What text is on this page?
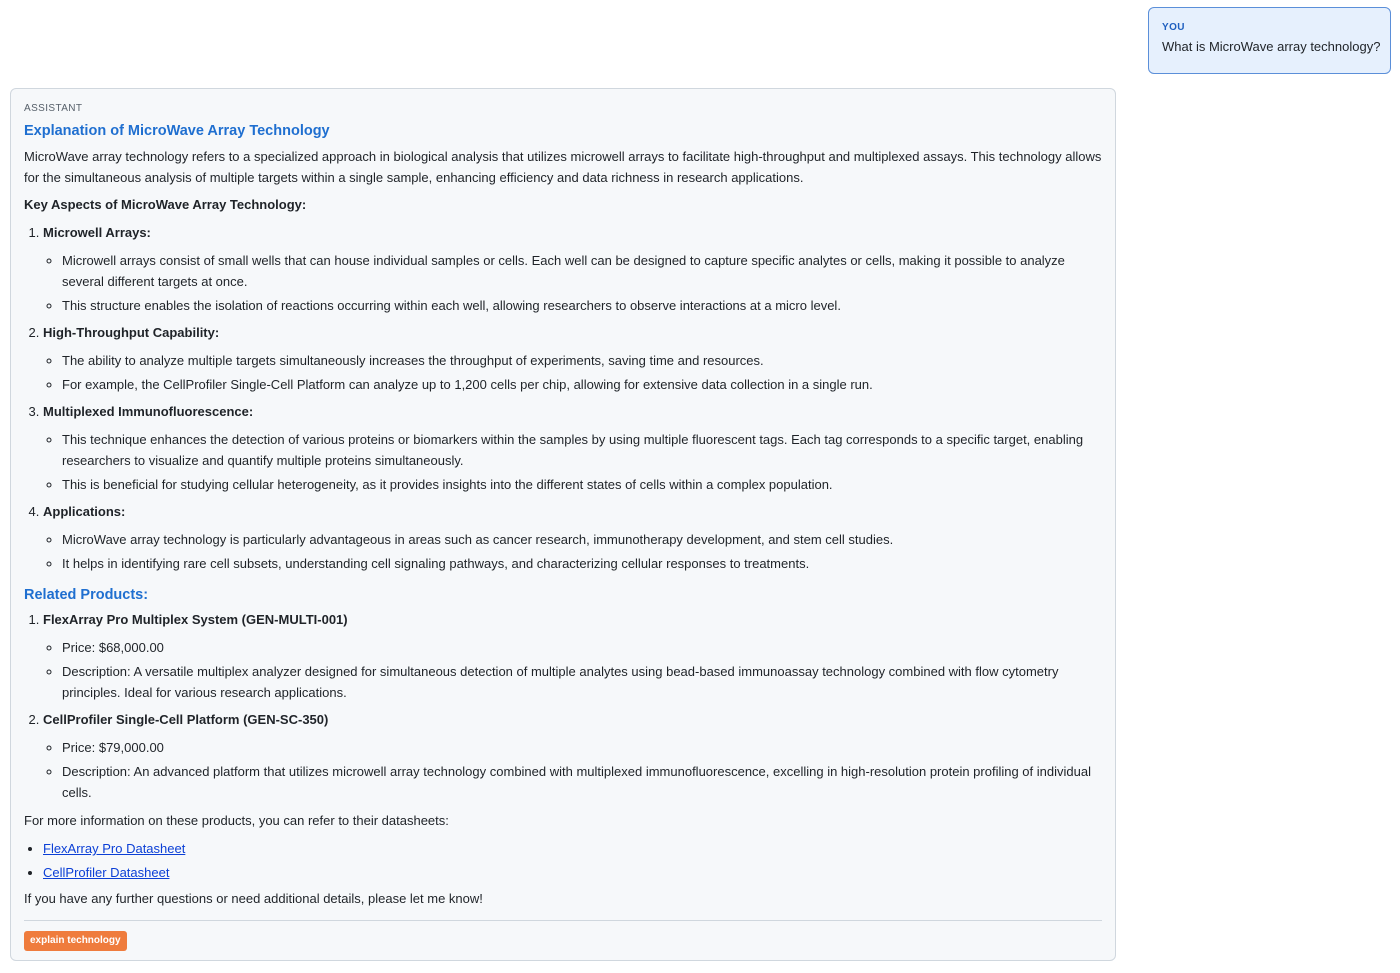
YOU
What is MicroWave array technology?
ASSISTANT
Explanation of MicroWave Array Technology

MicroWave array technology refers to a specialized approach in biological analysis that utilizes microwell arrays to facilitate high-throughput and multiplexed assays. This technology allows for the simultaneous analysis of multiple targets within a single sample, enhancing efficiency and data richness in research applications.

Key Aspects of MicroWave Array Technology:

1. Microwell Arrays:
◦ Microwell arrays consist of small wells that can house individual samples or cells. Each well can be designed to capture specific analytes or cells, making it possible to analyze several different targets at once.
◦ This structure enables the isolation of reactions occurring within each well, allowing researchers to observe interactions at a micro level.
2. High-Throughput Capability:
◦ The ability to analyze multiple targets simultaneously increases the throughput of experiments, saving time and resources.
◦ For example, the CellProfiler Single-Cell Platform can analyze up to 1,200 cells per chip, allowing for extensive data collection in a single run.
3. Multiplexed Immunofluorescence:
◦ This technique enhances the detection of various proteins or biomarkers within the samples by using multiple fluorescent tags. Each tag corresponds to a specific target, enabling researchers to visualize and quantify multiple proteins simultaneously.
◦ This is beneficial for studying cellular heterogeneity, as it provides insights into the different states of cells within a complex population.
4. Applications:
◦ MicroWave array technology is particularly advantageous in areas such as cancer research, immunotherapy development, and stem cell studies.
◦ It helps in identifying rare cell subsets, understanding cell signaling pathways, and characterizing cellular responses to treatments.
Related Products:
1. FlexArray Pro Multiplex System (GEN-MULTI-001)
◦ Price: $68,000.00
◦ Description: A versatile multiplex analyzer designed for simultaneous detection of multiple analytes using bead-based immunoassay technology combined with flow cytometry principles. Ideal for various research applications.
2. CellProfiler Single-Cell Platform (GEN-SC-350)
◦ Price: $79,000.00
◦ Description: An advanced platform that utilizes microwell array technology combined with multiplexed immunofluorescence, excelling in high-resolution protein profiling of individual cells.

For more information on these products, you can refer to their datasheets:

• FlexArray Pro Datasheet
• CellProfiler Datasheet

If you have any further questions or need additional details, please let me know!

explain technology
